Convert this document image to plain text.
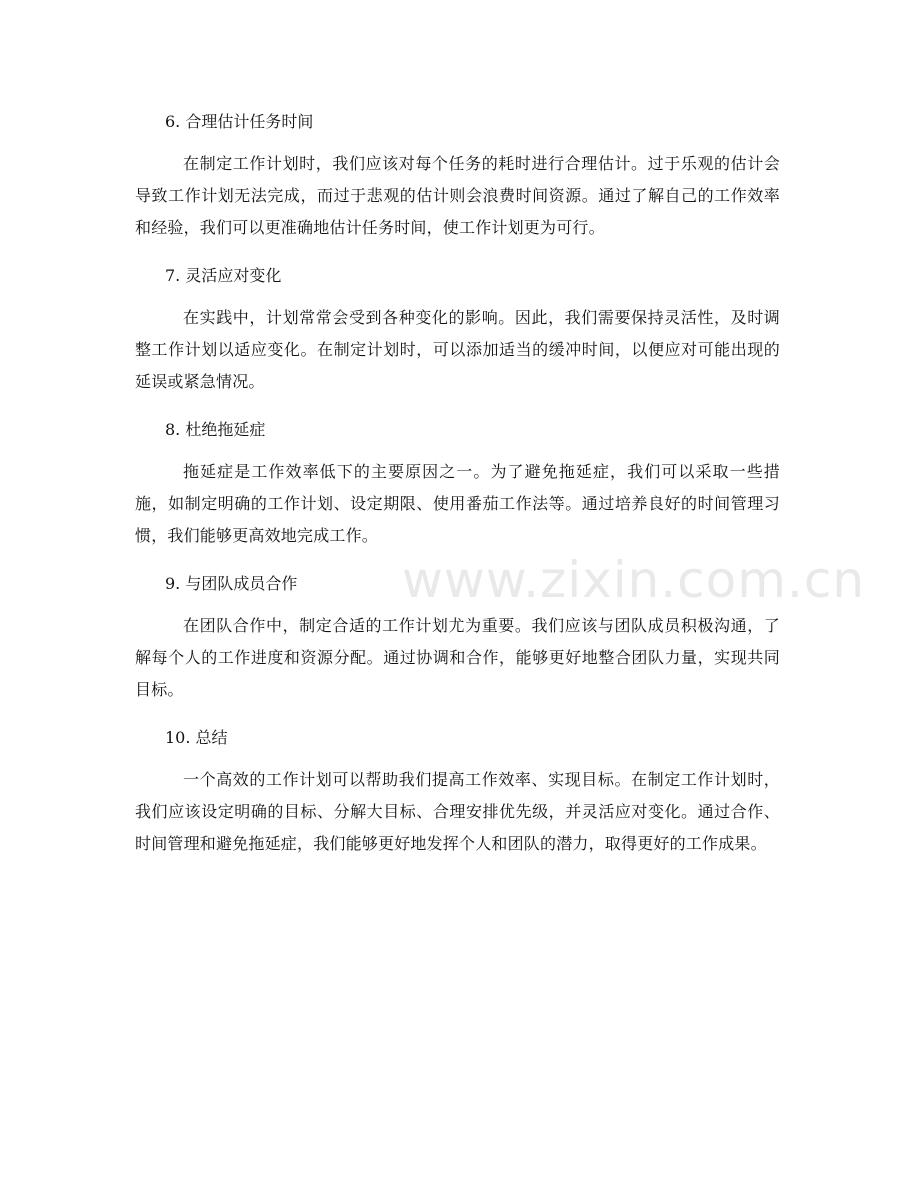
6. 合理估计任务时间

在制定工作计划时，我们应该对每个任务的耗时进行合理估计。过于乐观的估计会导致工作计划无法完成，而过于悲观的估计则会浪费时间资源。通过了解自己的工作效率和经验，我们可以更准确地估计任务时间，使工作计划更为可行。

7. 灵活应对变化

在实践中，计划常常会受到各种变化的影响。因此，我们需要保持灵活性，及时调整工作计划以适应变化。在制定计划时，可以添加适当的缓冲时间，以便应对可能出现的延误或紧急情况。

8. 杜绝拖延症

拖延症是工作效率低下的主要原因之一。为了避免拖延症，我们可以采取一些措施，如制定明确的工作计划、设定期限、使用番茄工作法等。通过培养良好的时间管理习惯，我们能够更高效地完成工作。

9. 与团队成员合作

在团队合作中，制定合适的工作计划尤为重要。我们应该与团队成员积极沟通，了解每个人的工作进度和资源分配。通过协调和合作，能够更好地整合团队力量，实现共同目标。

10. 总结

一个高效的工作计划可以帮助我们提高工作效率、实现目标。在制定工作计划时，我们应该设定明确的目标、分解大目标、合理安排优先级，并灵活应对变化。通过合作、时间管理和避免拖延症，我们能够更好地发挥个人和团队的潜力，取得更好的工作成果。

www.zixin.com.cn
